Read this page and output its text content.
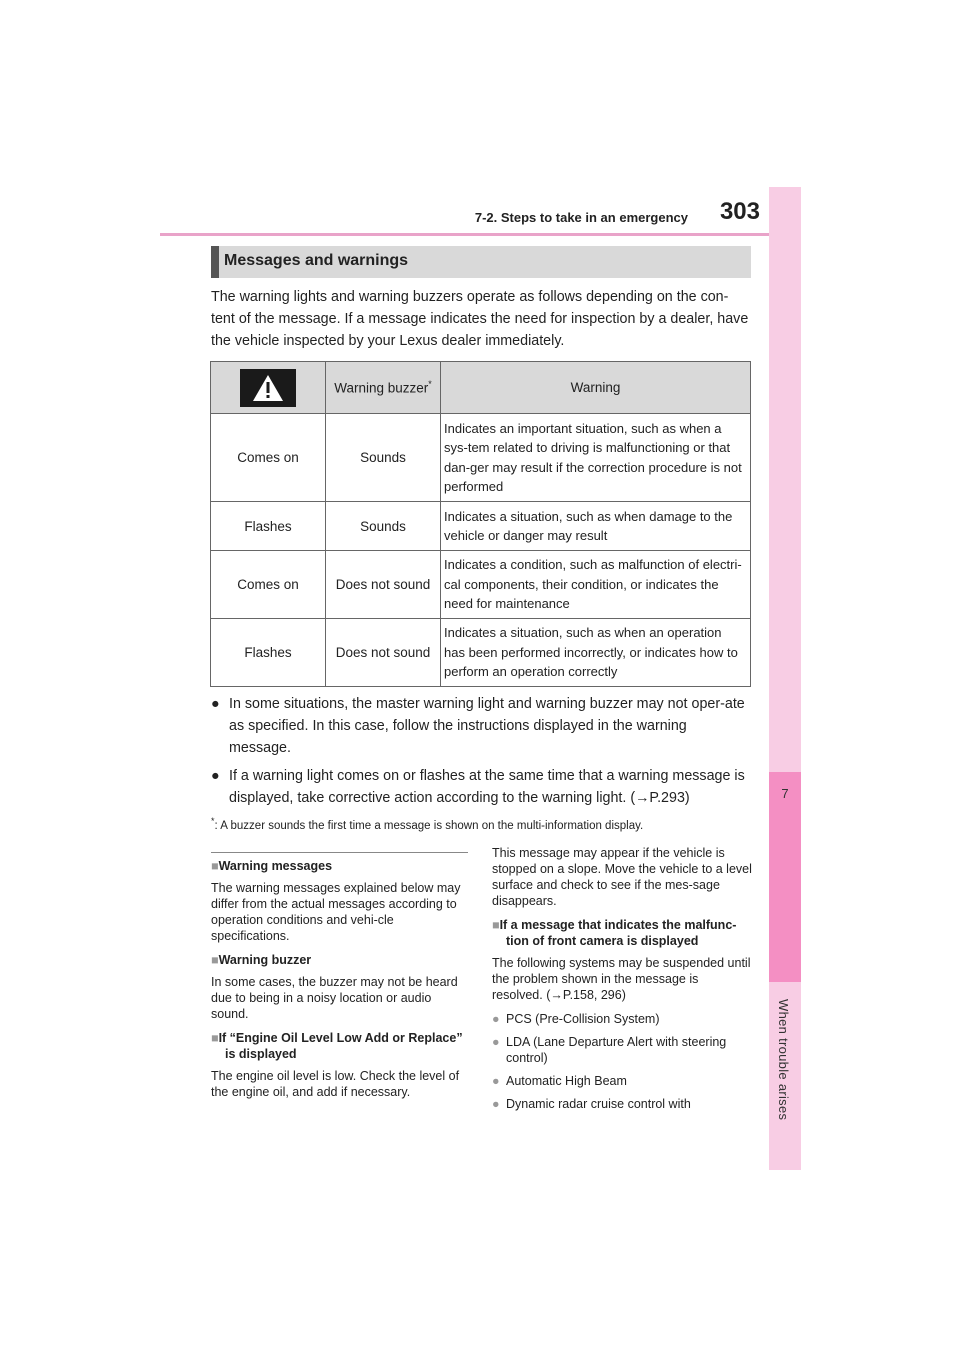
7-2. Steps to take in an emergency 303
7
When trouble arises
Messages and warnings
The warning lights and warning buzzers operate as follows depending on the con-tent of the message. If a message indicates the need for inspection by a dealer, have the vehicle inspected by your Lexus dealer immediately.
	Warning buzzer*	Warning
Comes on	Sounds	Indicates an important situation, such as when a sys-tem related to driving is malfunctioning or that dan-ger may result if the correction procedure is not performed
Flashes	Sounds	Indicates a situation, such as when damage to the vehicle or danger may result
Comes on	Does not sound	Indicates a condition, such as malfunction of electri-cal components, their condition, or indicates the need for maintenance
Flashes	Does not sound	Indicates a situation, such as when an operation has been performed incorrectly, or indicates how to perform an operation correctly
● In some situations, the master warning light and warning buzzer may not oper-ate as specified. In this case, follow the instructions displayed in the warning message.
● If a warning light comes on or flashes at the same time that a warning message is displayed, take corrective action according to the warning light. (→P.293)
*: A buzzer sounds the first time a message is shown on the multi-information display.
■Warning messages
The warning messages explained below may differ from the actual messages according to operation conditions and vehi-cle specifications.
■Warning buzzer
In some cases, the buzzer may not be heard due to being in a noisy location or audio sound.
■If “Engine Oil Level Low Add or Replace” is displayed
The engine oil level is low. Check the level of the engine oil, and add if necessary.
This message may appear if the vehicle is stopped on a slope. Move the vehicle to a level surface and check to see if the mes-sage disappears.
■If a message that indicates the malfunc-tion of front camera is displayed
The following systems may be suspended until the problem shown in the message is resolved. (→P.158, 296)
● PCS (Pre-Collision System)
● LDA (Lane Departure Alert with steering control)
● Automatic High Beam
● Dynamic radar cruise control with
